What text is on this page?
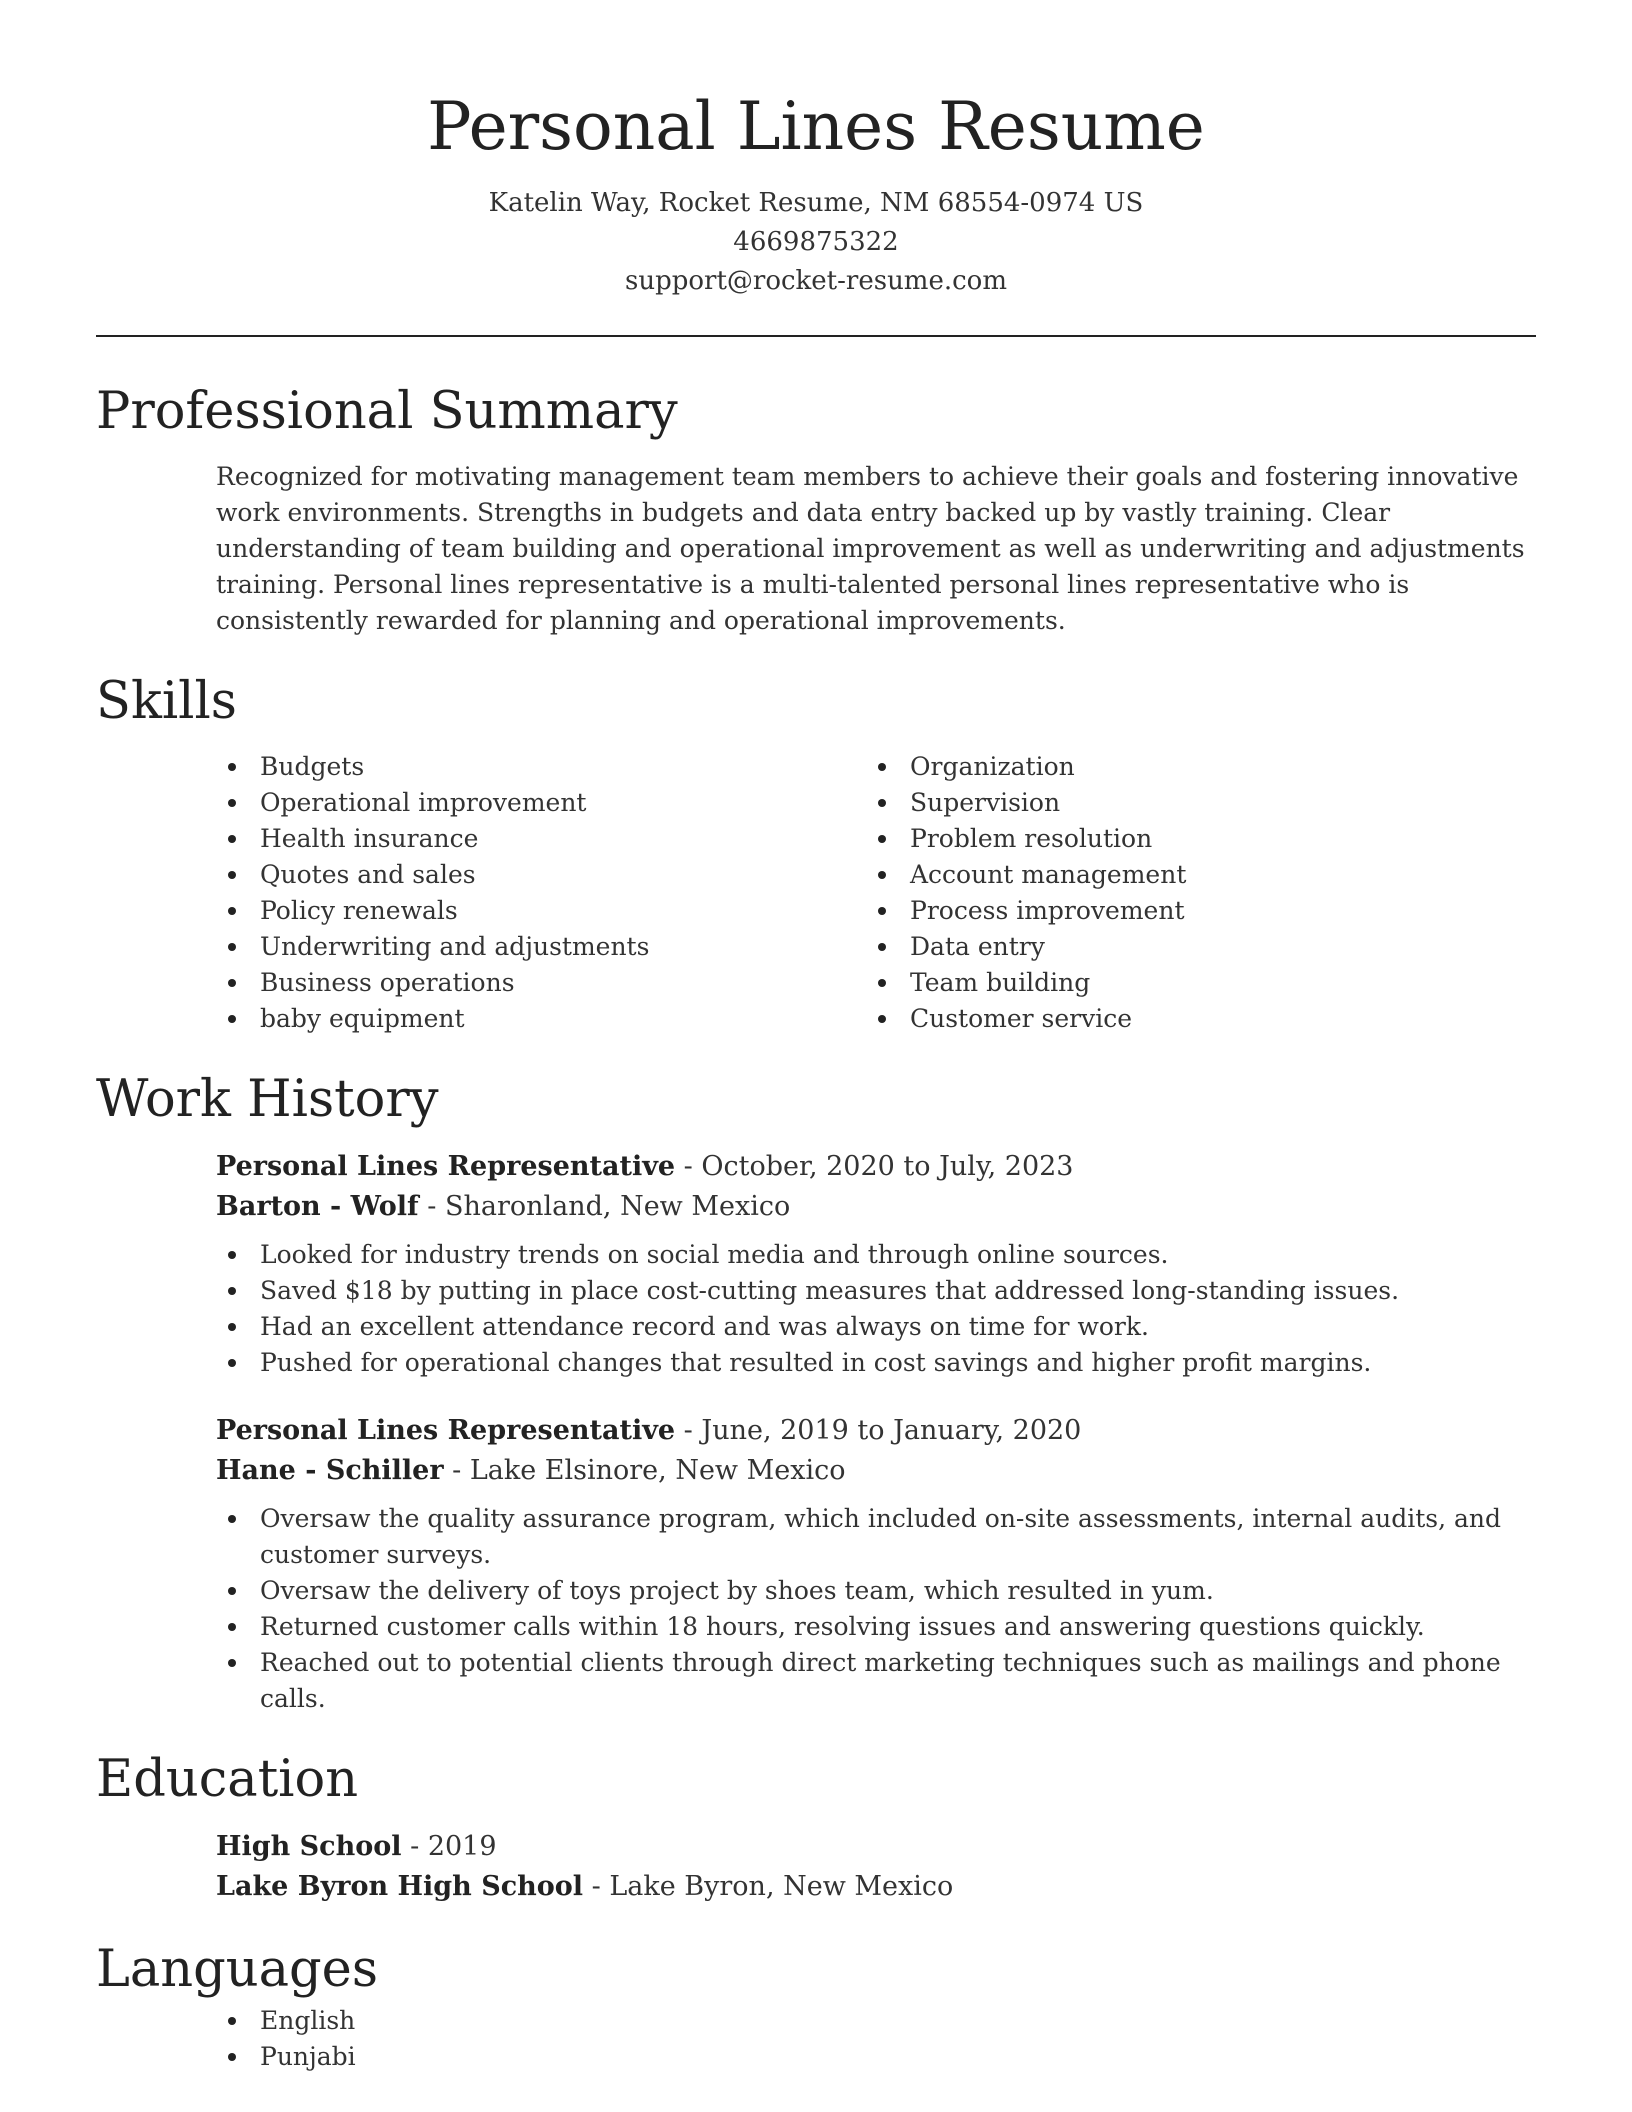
Personal Lines Resume
Katelin Way, Rocket Resume, NM 68554-0974 US
4669875322
support@rocket-resume.com
Professional Summary

Recognized for motivating management team members to achieve their goals and fostering innovative work environments. Strengths in budgets and data entry backed up by vastly training. Clear understanding of team building and operational improvement as well as underwriting and adjustments training. Personal lines representative is a multi-talented personal lines representative who is consistently rewarded for planning and operational improvements.

Skills
Budgets
Operational improvement
Health insurance
Quotes and sales
Policy renewals
Underwriting and adjustments
Business operations
baby equipment
Organization
Supervision
Problem resolution
Account management
Process improvement
Data entry
Team building
Customer service
Work History
Personal Lines Representative - October, 2020 to July, 2023
Barton - Wolf - Sharonland, New Mexico
Looked for industry trends on social media and through online sources.
Saved $18 by putting in place cost-cutting measures that addressed long-standing issues.
Had an excellent attendance record and was always on time for work.
Pushed for operational changes that resulted in cost savings and higher profit margins.
Personal Lines Representative - June, 2019 to January, 2020
Hane - Schiller - Lake Elsinore, New Mexico
Oversaw the quality assurance program, which included on-site assessments, internal audits, and customer surveys.
Oversaw the delivery of toys project by shoes team, which resulted in yum.
Returned customer calls within 18 hours, resolving issues and answering questions quickly.
Reached out to potential clients through direct marketing techniques such as mailings and phone calls.
Education
High School - 2019
Lake Byron High School - Lake Byron, New Mexico
Languages
English
Punjabi
